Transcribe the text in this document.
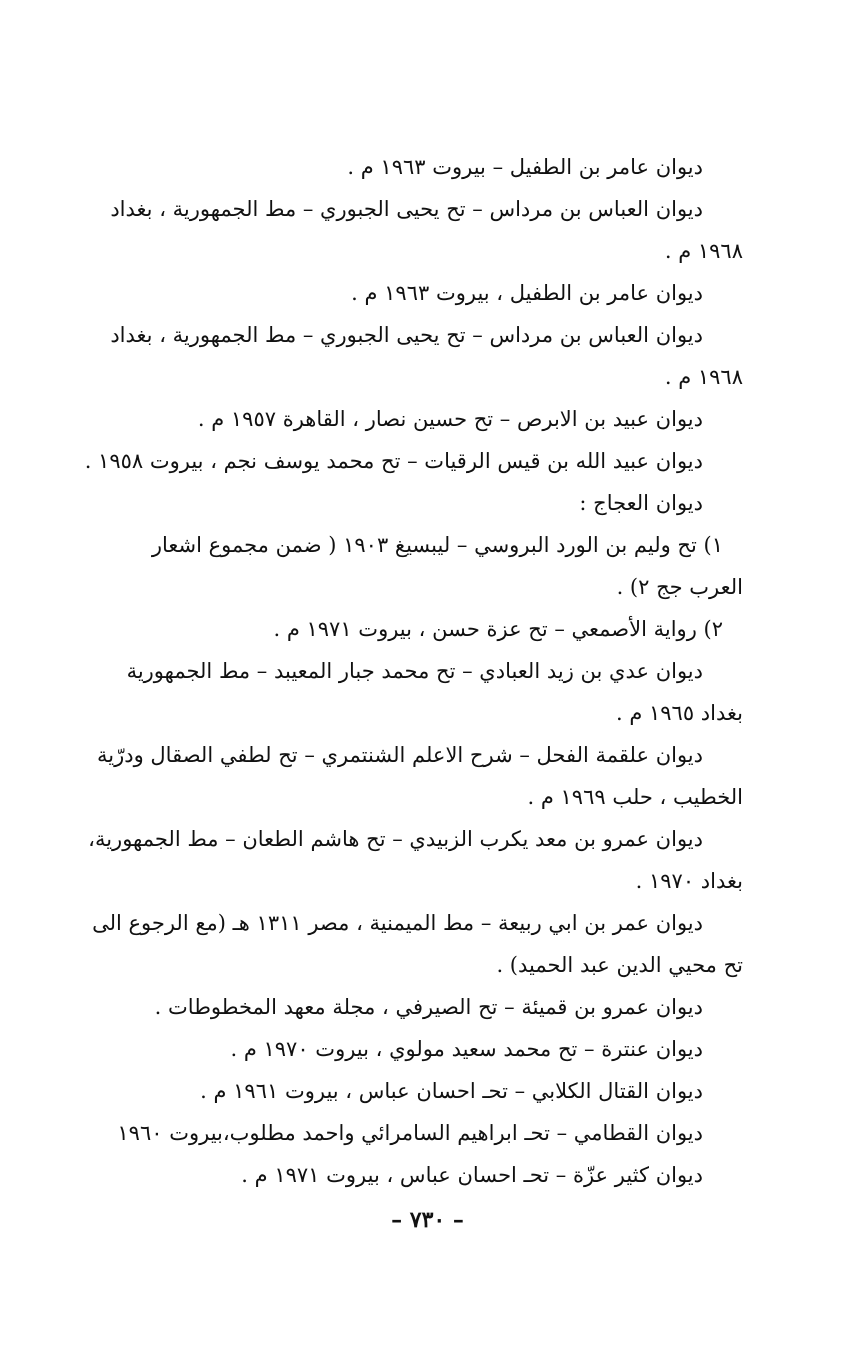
ديوان عامر بن الطفيل – بيروت ١٩٦٣ م .
ديوان العباس بن مرداس – تح يحيى الجبوري – مط الجمهورية ، بغداد
١٩٦٨ م .
ديوان عامر بن الطفيل ، بيروت ١٩٦٣ م .
ديوان العباس بن مرداس – تح يحيى الجبوري – مط الجمهورية ، بغداد
١٩٦٨ م .
ديوان عبيد بن الابرص – تح حسين نصار ، القاهرة ١٩٥٧ م .
ديوان عبيد الله بن قيس الرقيات – تح محمد يوسف نجم ، بيروت ١٩٥٨ .
ديوان العجاج :
١) تح وليم بن الورد البروسي – ليبسيغ ١٩٠٣ ( ضمن مجموع اشعار
العرب جج ٢) .
٢) رواية الأصمعي – تح عزة حسن ، بيروت ١٩٧١ م .
ديوان عدي بن زيد العبادي – تح محمد جبار المعيبد – مط الجمهورية
بغداد ١٩٦٥ م .
ديوان علقمة الفحل – شرح الاعلم الشنتمري – تح لطفي الصقال ودرّية
الخطيب ، حلب ١٩٦٩ م .
ديوان عمرو بن معد يكرب الزبيدي – تح هاشم الطعان – مط الجمهورية،
بغداد ١٩٧٠ .
ديوان عمر بن ابي ربيعة – مط الميمنية ، مصر ١٣١١ هـ (مع الرجوع الى
تح محيي الدين عبد الحميد) .
ديوان عمرو بن قميئة – تح الصيرفي ، مجلة معهد المخطوطات .
ديوان عنترة – تح محمد سعيد مولوي ، بيروت ١٩٧٠ م .
ديوان القتال الكلابي – تحـ احسان عباس ، بيروت ١٩٦١ م .
ديوان القطامي – تحـ ابراهيم السامرائي واحمد مطلوب،بيروت ١٩٦٠
ديوان كثير عزّة – تحـ احسان عباس ، بيروت ١٩٧١ م .
– ٧٣٠ –
